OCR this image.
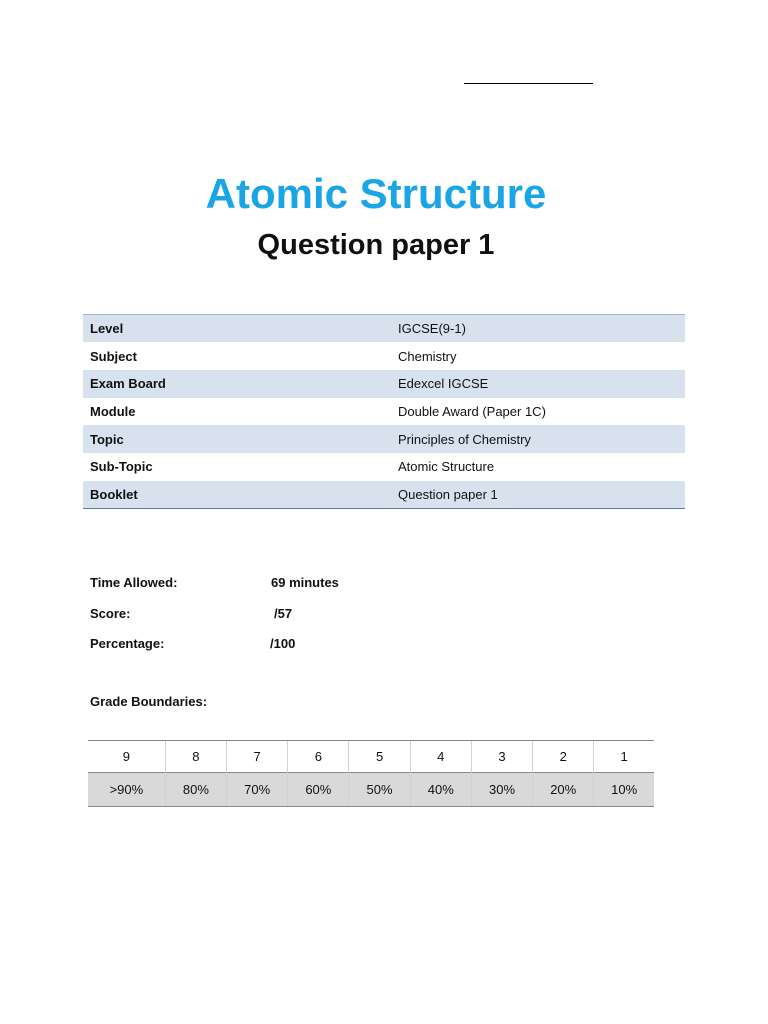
Atomic Structure
Question paper 1
Level	IGCSE(9-1)
Subject	Chemistry
Exam Board	Edexcel IGCSE
Module	Double Award (Paper 1C)
Topic	Principles of Chemistry
Sub-Topic	Atomic Structure
Booklet	Question paper 1
Time Allowed:	69 minutes
Score:	/57
Percentage:	/100
Grade Boundaries:
9	8	7	6	5	4	3	2	1
>90%	80%	70%	60%	50%	40%	30%	20%	10%
